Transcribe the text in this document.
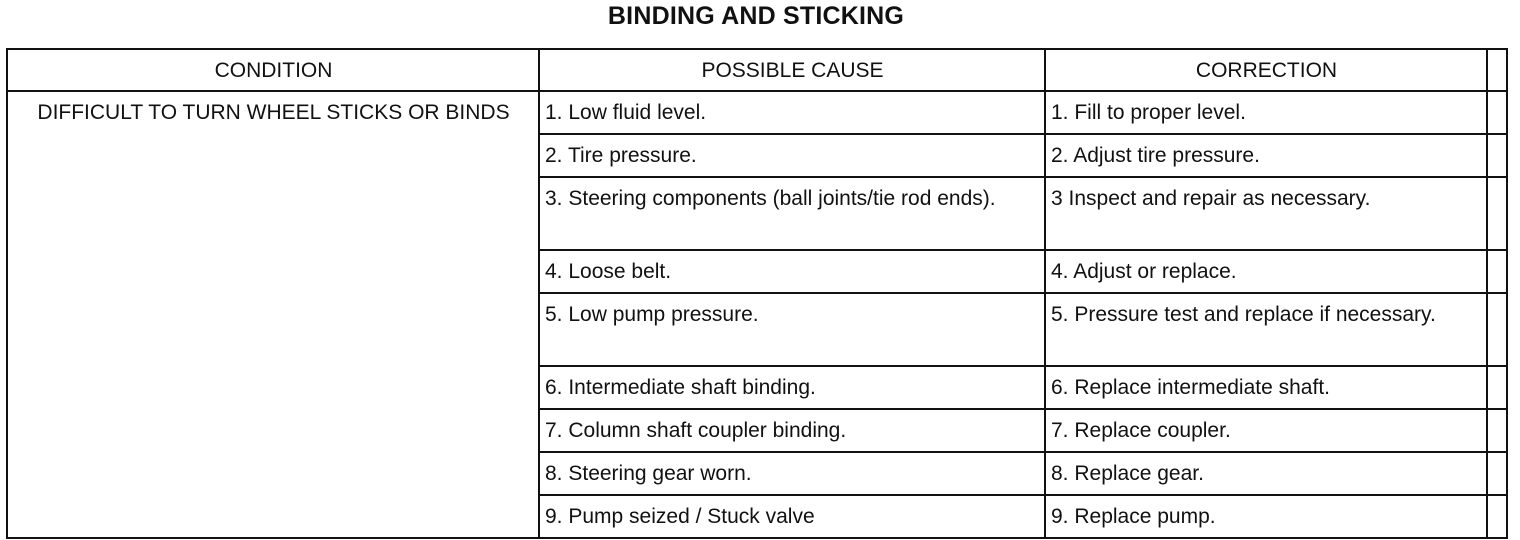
BINDING AND STICKING
CONDITION	POSSIBLE CAUSE	CORRECTION	
DIFFICULT TO TURN WHEEL STICKS OR BINDS	1. Low fluid level.	1. Fill to proper level.	
	2. Tire pressure.	2. Adjust tire pressure.	
	3. Steering components (ball joints/tie rod ends).	3 Inspect and repair as necessary.	
	4. Loose belt.	4. Adjust or replace.	
	5. Low pump pressure.	5. Pressure test and replace if necessary.	
	6. Intermediate shaft binding.	6. Replace intermediate shaft.	
	7. Column shaft coupler binding.	7. Replace coupler.	
	8. Steering gear worn.	8. Replace gear.	
	9. Pump seized / Stuck valve	9. Replace pump.	
